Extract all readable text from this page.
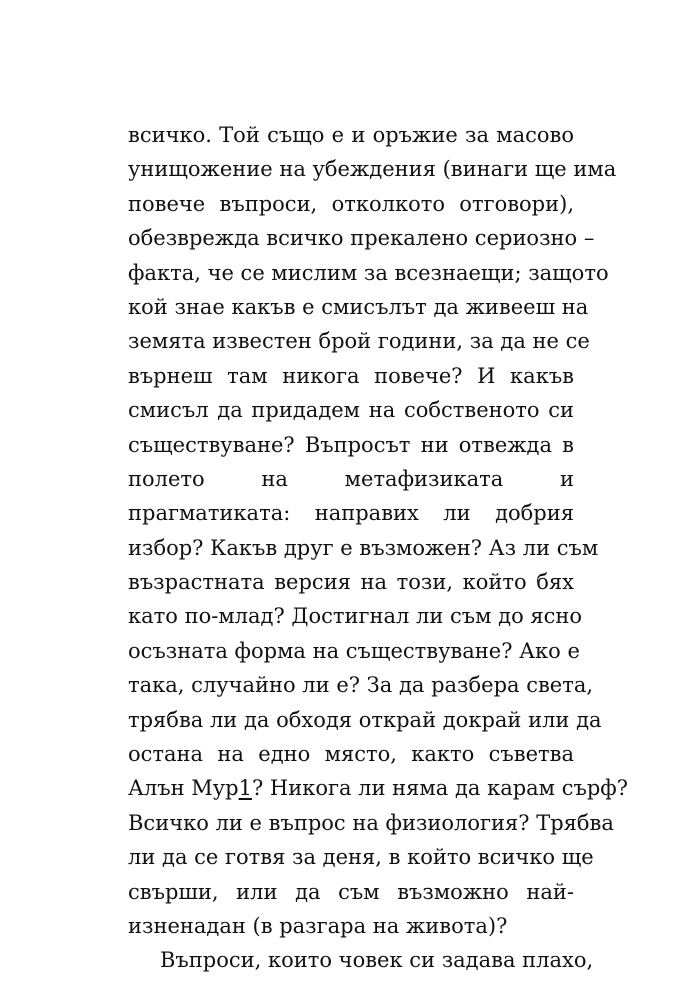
всичко. Той също е и оръжие за масово
унищожение на убеждения (винаги ще има
повече въпроси, отколкото отговори),
обезврежда всичко прекалено сериозно –
факта, че се мислим за всезнаещи; защото
кой знае какъв е смисълът да живееш на
земята известен брой години, за да не се
върнеш там никога повече? И какъв
смисъл да придадем на собственото си
съществуване? Въпросът ни отвежда в
полето на метафизиката и
прагматиката: направих ли добрия
избор? Какъв друг е възможен? Аз ли съм
възрастната версия на този, който бях
като по-млад? Достигнал ли съм до ясно
осъзната форма на съществуване? Ако е
така, случайно ли е? За да разбера света,
трябва ли да обходя открай докрай или да
остана на едно място, както съветва
Алън Мур1? Никога ли няма да карам сърф?
Всичко ли е въпрос на физиология? Трябва
ли да се готвя за деня, в който всичко ще
свърши, или да съм възможно най-
изненадан (в разгара на живота)?
Въпроси, които човек си задава плахо,
